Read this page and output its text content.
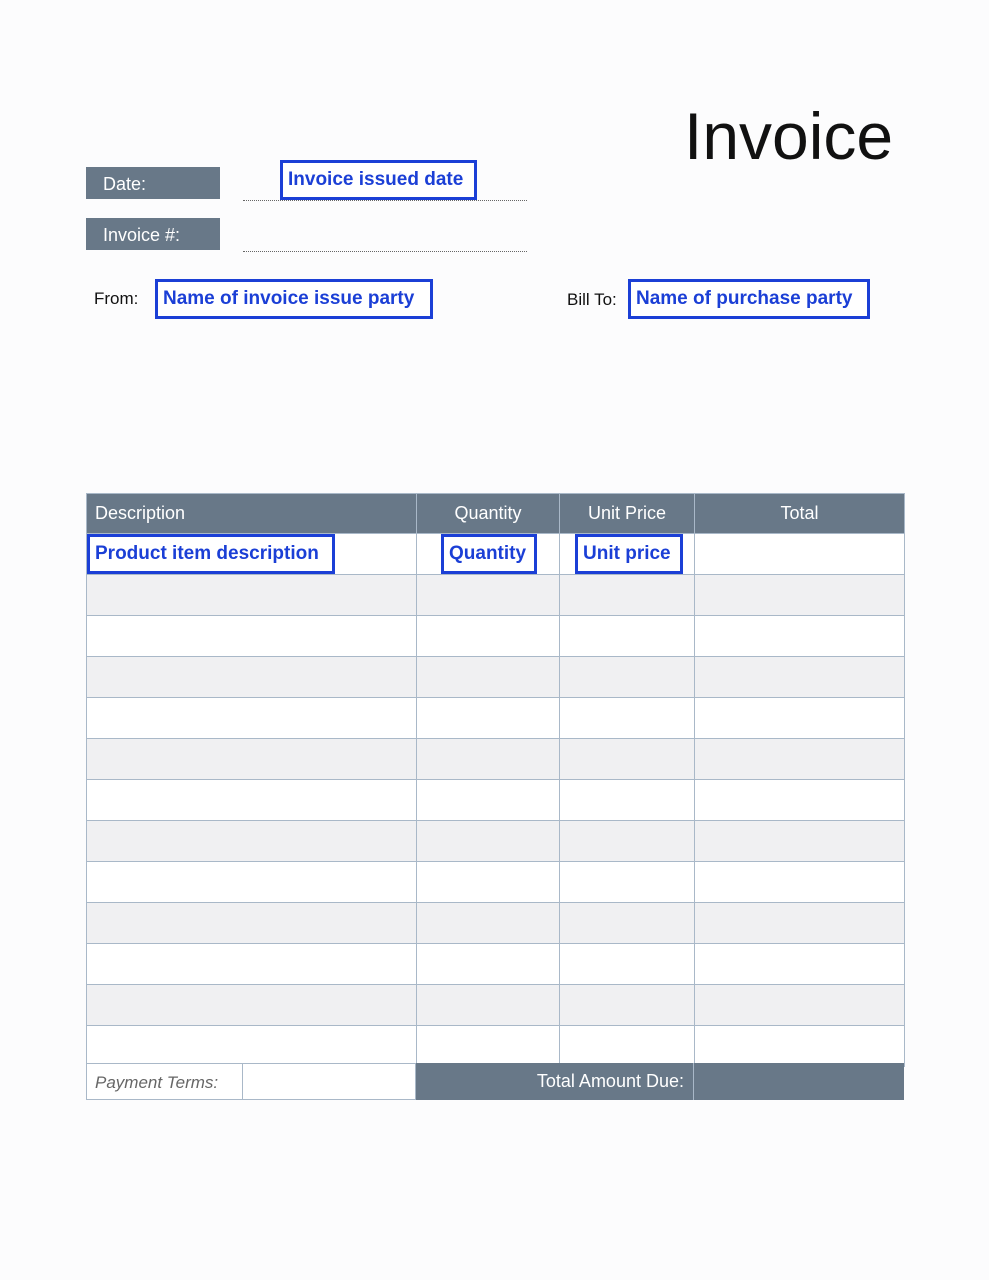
Invoice
Date:	Invoice issued date
Invoice #:
From:	Name of invoice issue party	Bill To:	Name of purchase party
Description	Quantity	Unit Price	Total

Product item description	Quantity	Unit price	

Payment Terms:	Total Amount Due:
